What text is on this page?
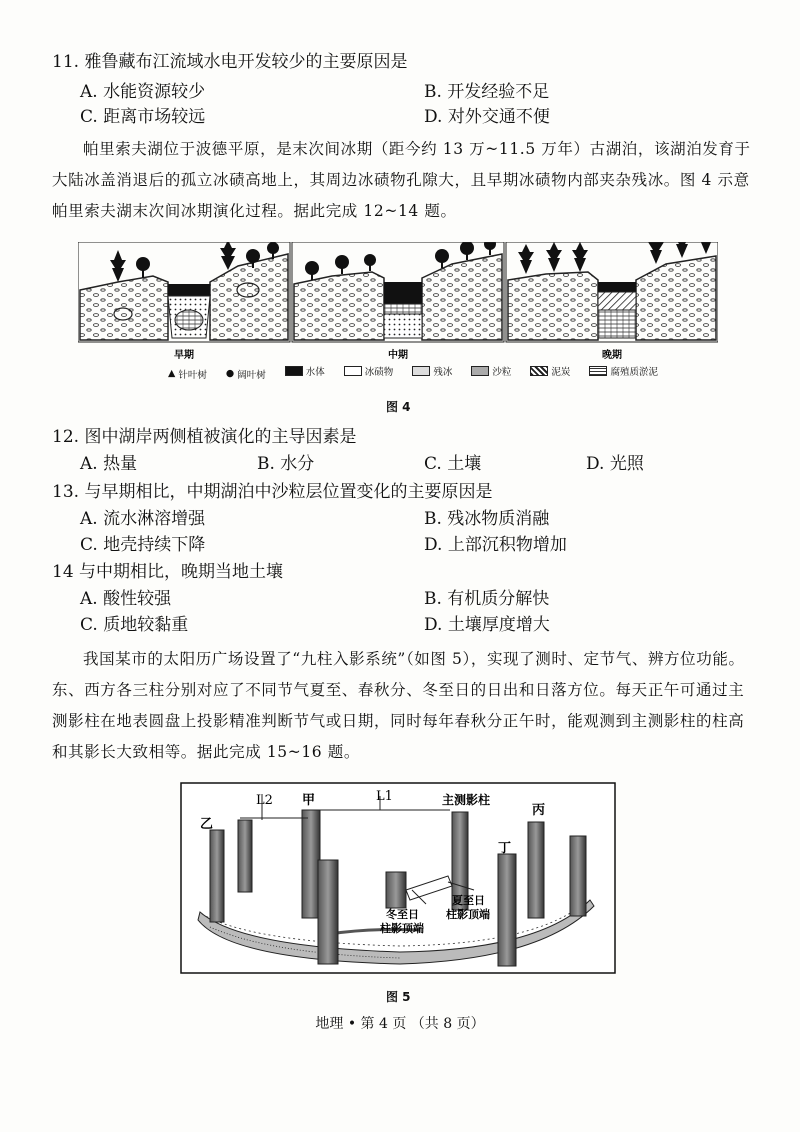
11. 雅鲁藏布江流域水电开发较少的主要原因是
A. 水能资源较少	B. 开发经验不足
C. 距离市场较远	D. 对外交通不便
帕里索夫湖位于波德平原，是末次间冰期（距今约 13 万~11.5 万年）古湖泊，该湖泊发育于大陆冰盖消退后的孤立冰碛高地上，其周边冰碛物孔隙大，且早期冰碛物内部夹杂残冰。图 4 示意帕里索夫湖末次间冰期演化过程。据此完成 12~14 题。
早期	中期	晚期
▲ 针叶树 ● 阔叶树
	水体
	冰碛物
	残冰
	沙粒
	泥炭
	腐殖质淤泥
图 4
12. 图中湖岸两侧植被演化的主导因素是
A. 热量	B. 水分	C. 土壤	D. 光照
13. 与早期相比，中期湖泊中沙粒层位置变化的主要原因是
A. 流水淋溶增强	B. 残冰物质消融
C. 地壳持续下降	D. 上部沉积物增加
14 与中期相比，晚期当地土壤
A. 酸性较强	B. 有机质分解快
C. 质地较黏重	D. 土壤厚度增大
我国某市的太阳历广场设置了“九柱入影系统”（如图 5），实现了测时、定节气、辨方位功能。东、西方各三柱分别对应了不同节气夏至、春秋分、冬至日的日出和日落方位。每天正午可通过主测影柱在地表圆盘上投影精准判断节气或日期，同时每年春秋分正午时，能观测到主测影柱的柱高和其影长大致相等。据此完成 15~16 题。
L2 甲	L1	主测影柱
丙
乙
丁
冬至日
柱影顶端
夏至日
柱影顶端
图 5
地理 • 第 4 页 （共 8 页）
